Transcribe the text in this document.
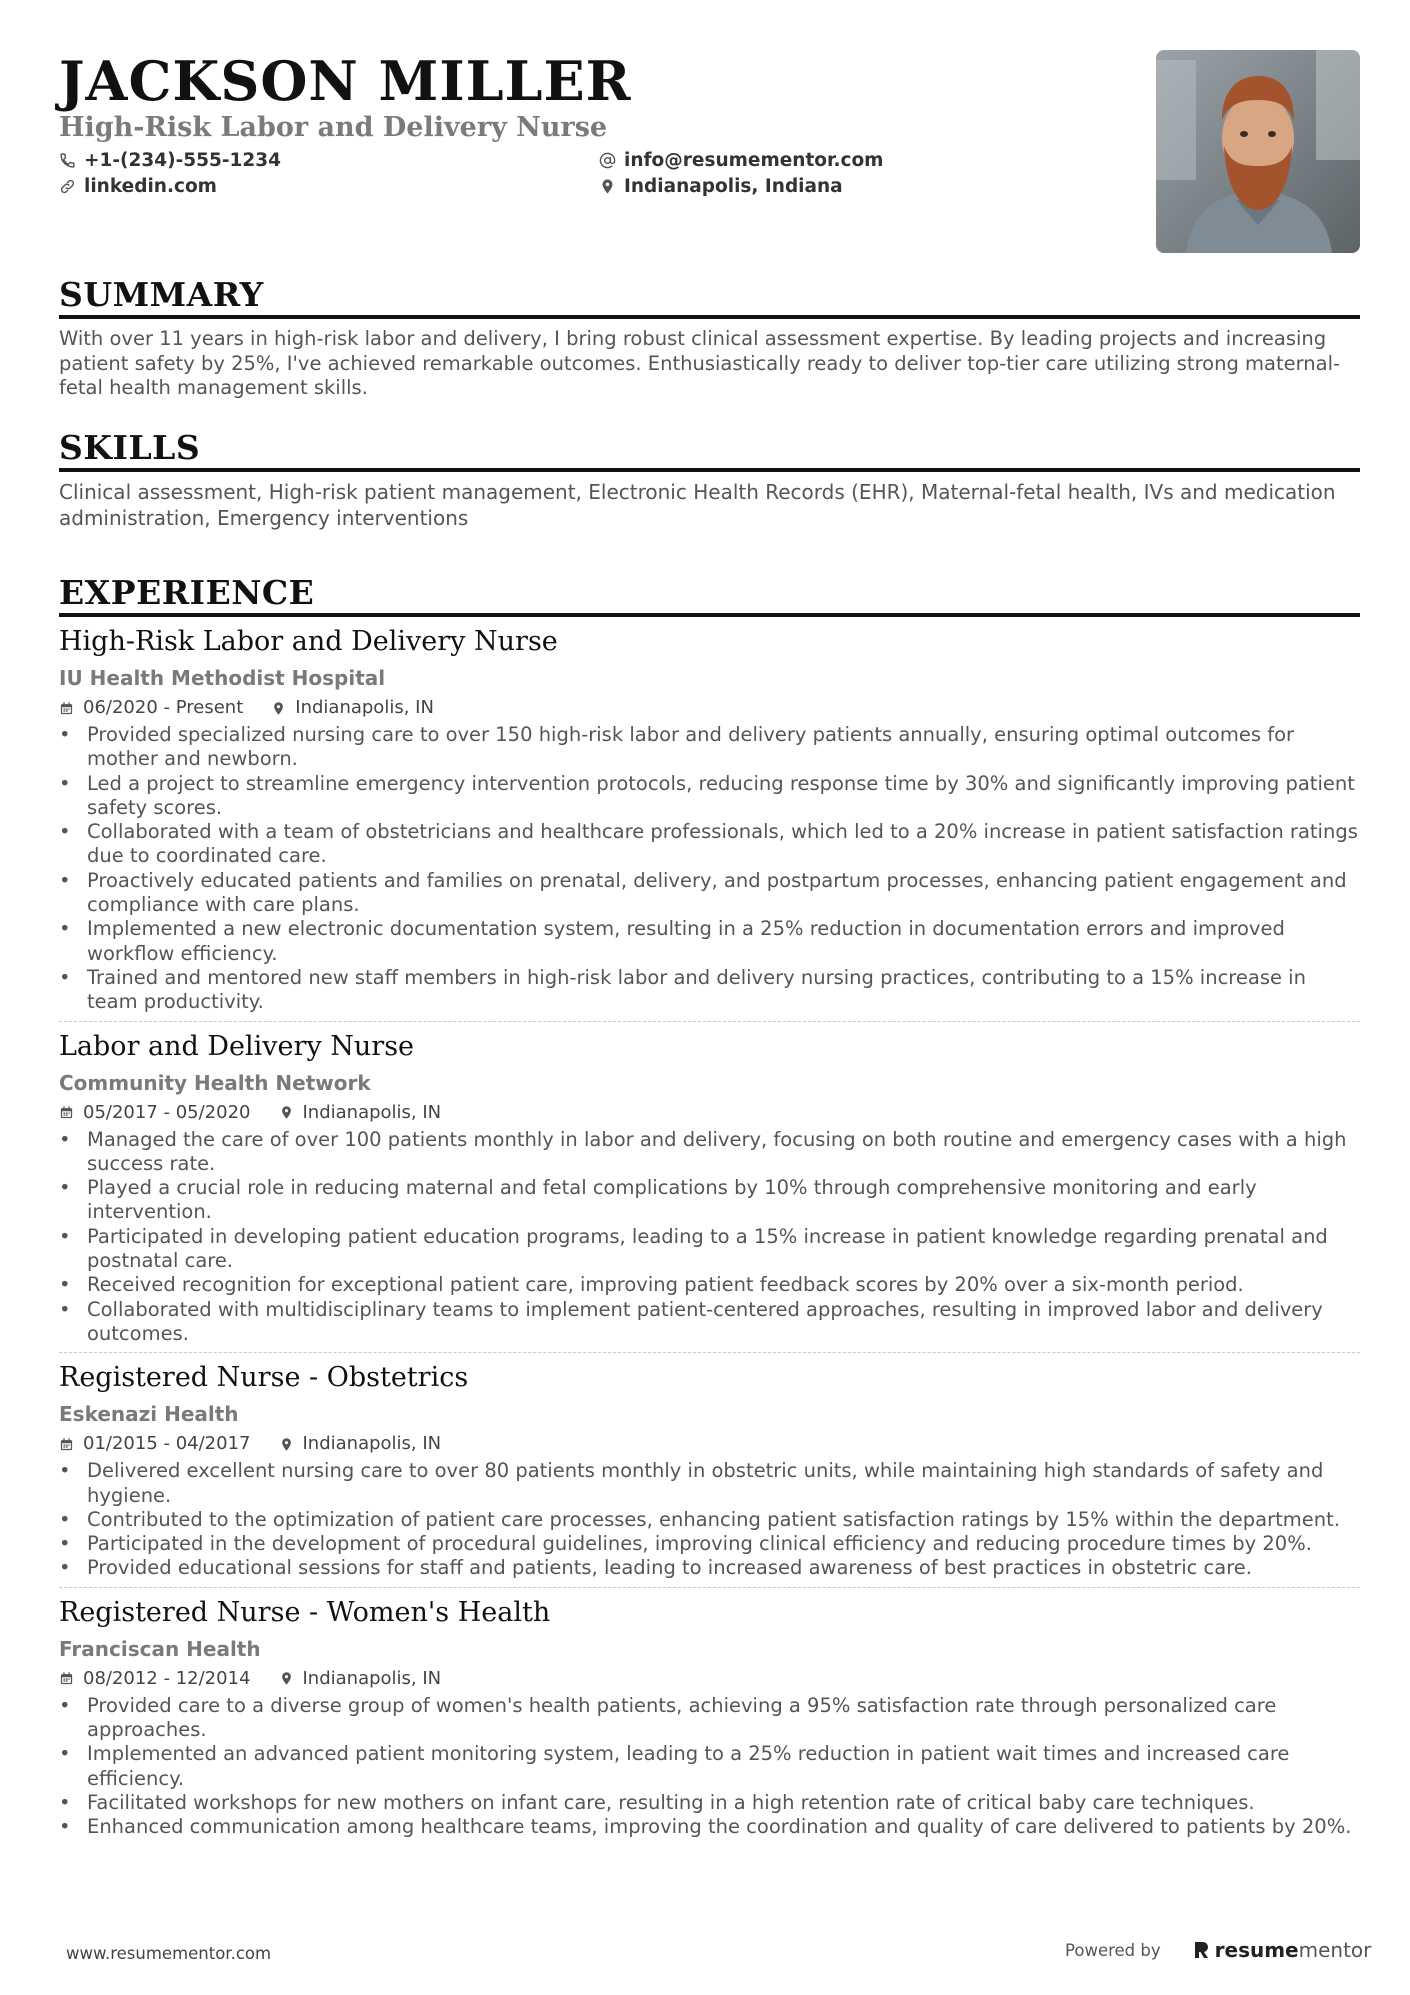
JACKSON MILLER
High-Risk Labor and Delivery Nurse
+1-(234)-555-1234
linkedin.com
info@resumementor.com
Indianapolis, Indiana
SUMMARY
With over 11 years in high-risk labor and delivery, I bring robust clinical assessment expertise. By leading projects and increasing patient safety by 25%, I've achieved remarkable outcomes. Enthusiastically ready to deliver top-tier care utilizing strong maternal-fetal health management skills.
SKILLS
Clinical assessment, High-risk patient management, Electronic Health Records (EHR), Maternal-fetal health, IVs and medication administration, Emergency interventions
EXPERIENCE
High-Risk Labor and Delivery Nurse
IU Health Methodist Hospital
06/2020 - Present	Indianapolis, IN
• Provided specialized nursing care to over 150 high-risk labor and delivery patients annually, ensuring optimal outcomes for mother and newborn.
• Led a project to streamline emergency intervention protocols, reducing response time by 30% and significantly improving patient safety scores.
• Collaborated with a team of obstetricians and healthcare professionals, which led to a 20% increase in patient satisfaction ratings due to coordinated care.
• Proactively educated patients and families on prenatal, delivery, and postpartum processes, enhancing patient engagement and compliance with care plans.
• Implemented a new electronic documentation system, resulting in a 25% reduction in documentation errors and improved workflow efficiency.
• Trained and mentored new staff members in high-risk labor and delivery nursing practices, contributing to a 15% increase in team productivity.
Labor and Delivery Nurse
Community Health Network
05/2017 - 05/2020	Indianapolis, IN
• Managed the care of over 100 patients monthly in labor and delivery, focusing on both routine and emergency cases with a high success rate.
• Played a crucial role in reducing maternal and fetal complications by 10% through comprehensive monitoring and early intervention.
• Participated in developing patient education programs, leading to a 15% increase in patient knowledge regarding prenatal and postnatal care.
• Received recognition for exceptional patient care, improving patient feedback scores by 20% over a six-month period.
• Collaborated with multidisciplinary teams to implement patient-centered approaches, resulting in improved labor and delivery outcomes.
Registered Nurse - Obstetrics
Eskenazi Health
01/2015 - 04/2017	Indianapolis, IN
• Delivered excellent nursing care to over 80 patients monthly in obstetric units, while maintaining high standards of safety and hygiene.
• Contributed to the optimization of patient care processes, enhancing patient satisfaction ratings by 15% within the department.
• Participated in the development of procedural guidelines, improving clinical efficiency and reducing procedure times by 20%.
• Provided educational sessions for staff and patients, leading to increased awareness of best practices in obstetric care.
Registered Nurse - Women's Health
Franciscan Health
08/2012 - 12/2014	Indianapolis, IN
• Provided care to a diverse group of women's health patients, achieving a 95% satisfaction rate through personalized care approaches.
• Implemented an advanced patient monitoring system, leading to a 25% reduction in patient wait times and increased care efficiency.
• Facilitated workshops for new mothers on infant care, resulting in a high retention rate of critical baby care techniques.
• Enhanced communication among healthcare teams, improving the coordination and quality of care delivered to patients by 20%.
www.resumementor.com	Powered by	resume mentor
